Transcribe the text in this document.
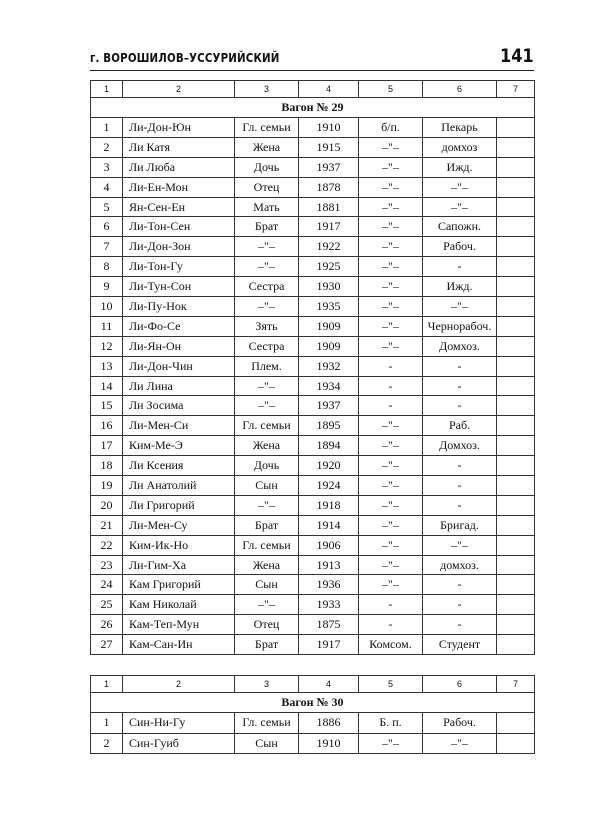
г. ВОРОШИЛОВ–УССУРИЙСКИЙ	141
1	2	3	4	5	6	7
Вагон № 29						
1	Ли-Дон-Юн	Гл. семьи	1910	б/п.	Пекарь	
2	Ли Катя	Жена	1915	–"–	домхоз	
3	Ли Люба	Дочь	1937	–"–	Ижд.	
4	Ли-Ен-Мон	Отец	1878	–"–	–"–	
5	Ян-Сен-Ен	Мать	1881	–"–	–"–	
6	Ли-Тон-Сен	Брат	1917	–"–	Сапожн.	
7	Ли-Дон-Зон	–"–	1922	–"–	Рабоч.	
8	Ли-Тон-Гу	–"–	1925	–"–	-	
9	Ли-Тун-Сон	Сестра	1930	–"–	Ижд.	
10	Ли-Пу-Нок	–"–	1935	–"–	–"–	
11	Ли-Фо-Се	Зять	1909	–"–	Чернорабоч.	
12	Ли-Ян-Он	Сестра	1909	–"–	Домхоз.	
13	Ли-Дон-Чин	Плем.	1932	-	-	
14	Ли Лина	–"–	1934	-	-	
15	Ли Зосима	–"–	1937	-	-	
16	Ли-Мен-Си	Гл. семьи	1895	–"–	Раб.	
17	Ким-Ме-Э	Жена	1894	–"–	Домхоз.	
18	Ли Ксения	Дочь	1920	–"–	-	
19	Ли Анатолий	Сын	1924	–"–	-	
20	Ли Григорий	–"–	1918	–"–	-	
21	Ли-Мен-Су	Брат	1914	–"–	Бригад.	
22	Ким-Ик-Но	Гл. семьи	1906	–"–	–"–	
23	Ли-Гим-Ха	Жена	1913	–"–	домхоз.	
24	Кам Григорий	Сын	1936	–"–	-	
25	Кам Николай	–"–	1933	-	-	
26	Кам-Теп-Мун	Отец	1875	-	-	
27	Кам-Сан-Ин	Брат	1917	Комсом.	Студент	
1	2	3	4	5	6	7
Вагон № 30						
1	Син-Ни-Гу	Гл. семьи	1886	Б. п.	Рабоч.	
2	Син-Гуиб	Сын	1910	–"–	–"–	
